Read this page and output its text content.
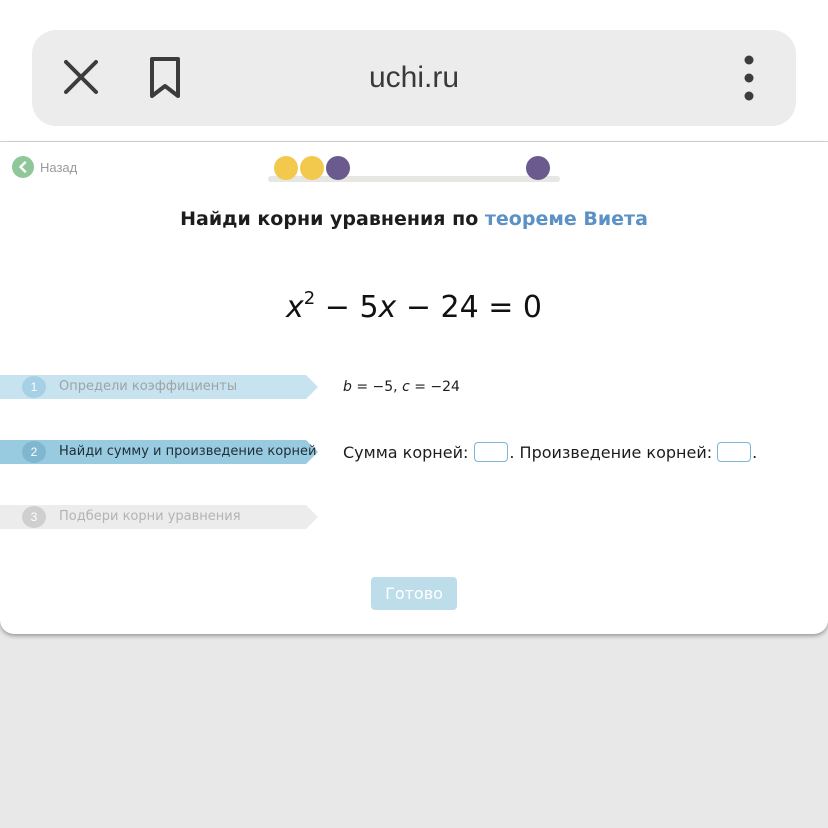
uchi.ru
Назад
Найди корни уравнения по теореме Виета
$x^2 - 5x - 24 = 0$
1	Определи коэффициенты
2	Найди сумму и произведение корней
3	Подбери корни уравнения
b = −5, c = −24
Сумма корней:	. Произведение корней:	.
Готово
